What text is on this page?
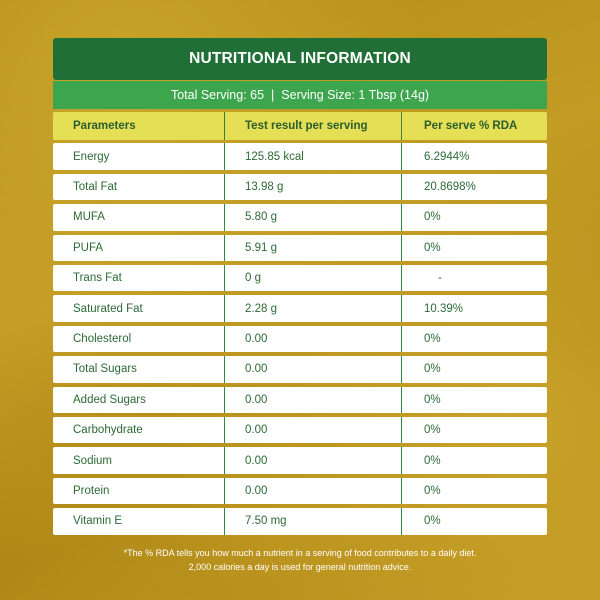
NUTRITIONAL INFORMATION
Total Serving: 65 | Serving Size: 1 Tbsp (14g)
Parameters	Test result per serving	Per serve % RDA
Energy	125.85 kcal	6.2944%
Total Fat	13.98 g	20.8698%
MUFA	5.80 g	0%
PUFA	5.91 g	0%
Trans Fat	0 g	-
Saturated Fat	2.28 g	10.39%
Cholesterol	0.00	0%
Total Sugars	0.00	0%
Added Sugars	0.00	0%
Carbohydrate	0.00	0%
Sodium	0.00	0%
Protein	0.00	0%
Vitamin E	7.50 mg	0%
*The % RDA tells you how much a nutrient in a serving of food contributes to a daily diet.
2,000 calories a day is used for general nutrition advice.
